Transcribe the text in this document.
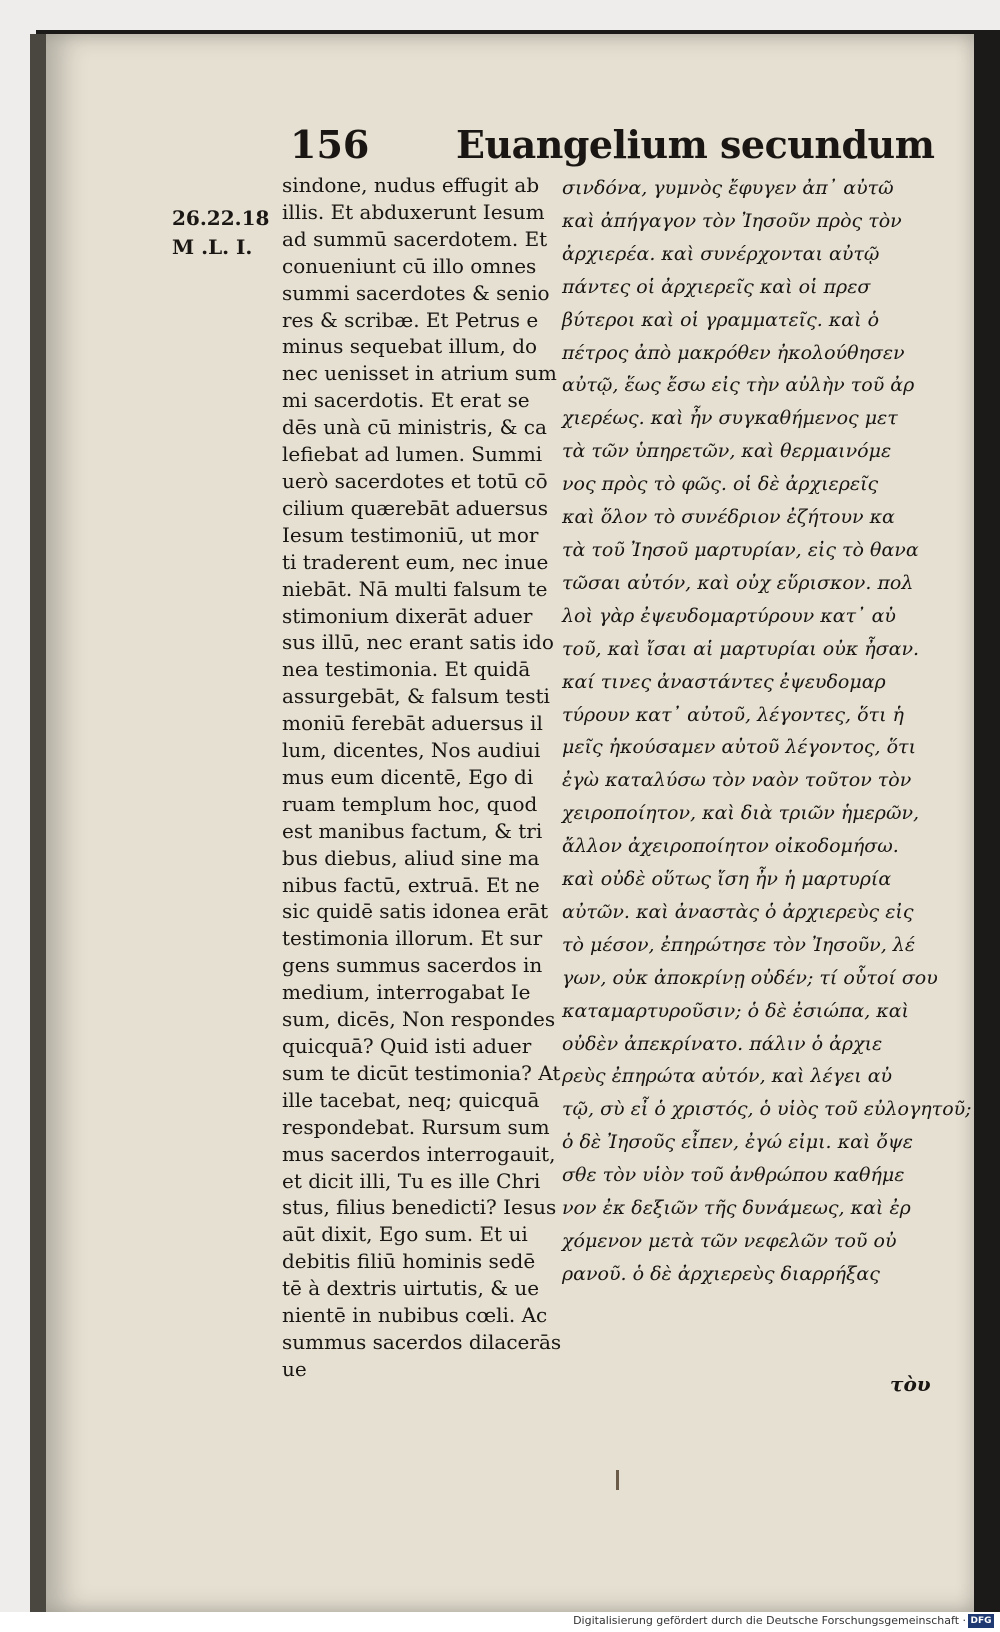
156 Euangelium secundum
26.22.18
M .L. I.
sindone, nudus effugit ab
illis. Et abduxerunt Iesum
ad summū sacerdotem. Et
conueniunt cū illo omnes
summi sacerdotes & senio
res & scribæ. Et Petrus e
minus sequebat illum, do
nec uenisset in atrium sum
mi sacerdotis. Et erat se
dēs unà cū ministris, & ca
lefiebat ad lumen. Summi
uerò sacerdotes et totū cō
cilium quærebāt aduersus
Iesum testimoniū, ut mor
ti traderent eum, nec inue
niebāt. Nā multi falsum te
stimonium dixerāt aduer
sus illū, nec erant satis ido
nea testimonia. Et quidā
assurgebāt, & falsum testi
moniū ferebāt aduersus il
lum, dicentes, Nos audiui
mus eum dicentē, Ego di
ruam templum hoc, quod
est manibus factum, & tri
bus diebus, aliud sine ma
nibus factū, extruā. Et ne
sic quidē satis idonea erāt
testimonia illorum. Et sur
gens summus sacerdos in
medium, interrogabat Ie
sum, dicēs, Non respondes
quicquā? Quid isti aduer
sum te dicūt testimonia? At
ille tacebat, neq; quicquā
respondebat. Rursum sum
mus sacerdos interrogauit,
et dicit illi, Tu es ille Chri
stus, filius benedicti? Iesus
aūt dixit, Ego sum. Et ui
debitis filiū hominis sedē
tē à dextris uirtutis, & ue
nientē in nubibus cœli. Ac
summus sacerdos dilacerās
ue
σινδόνα, γυμνὸς ἔφυγεν ἀπ᾽ αὐτῶ
καὶ ἀπήγαγον τὸν Ἰησοῦν πρὸς τὸν
ἀρχιερέα. καὶ συνέρχονται αὐτῷ
πάντες οἱ ἀρχιερεῖς καὶ οἱ πρεσ
βύτεροι καὶ οἱ γραμματεῖς. καὶ ὁ
πέτρος ἀπὸ μακρόθεν ἠκολούθησεν
αὐτῷ, ἕως ἔσω εἰς τὴν αὐλὴν τοῦ ἀρ
χιερέως. καὶ ἦν συγκαθήμενος μετ
τὰ τῶν ὑπηρετῶν, καὶ θερμαινόμε
νος πρὸς τὸ φῶς. οἱ δὲ ἀρχιερεῖς
καὶ ὅλον τὸ συνέδριον ἐζήτουν κα
τὰ τοῦ Ἰησοῦ μαρτυρίαν, εἰς τὸ θανα
τῶσαι αὐτόν, καὶ οὐχ εὕρισκον. πολ
λοὶ γὰρ ἐψευδομαρτύρουν κατ᾽ αὐ
τοῦ, καὶ ἴσαι αἱ μαρτυρίαι οὐκ ἦσαν.
καί τινες ἀναστάντες ἐψευδομαρ
τύρουν κατ᾽ αὐτοῦ, λέγοντες, ὅτι ἡ
μεῖς ἠκούσαμεν αὐτοῦ λέγοντος, ὅτι
ἐγὼ καταλύσω τὸν ναὸν τοῦτον τὸν
χειροποίητον, καὶ διὰ τριῶν ἡμερῶν,
ἄλλον ἀχειροποίητον οἰκοδομήσω.
καὶ οὐδὲ οὕτως ἴση ἦν ἡ μαρτυρία
αὐτῶν. καὶ ἀναστὰς ὁ ἀρχιερεὺς εἰς
τὸ μέσον, ἐπηρώτησε τὸν Ἰησοῦν, λέ
γων, οὐκ ἀποκρίνῃ οὐδέν; τί οὗτοί σου
καταμαρτυροῦσιν; ὁ δὲ ἐσιώπα, καὶ
οὐδὲν ἀπεκρίνατο. πάλιν ὁ ἀρχιε
ρεὺς ἐπηρώτα αὐτόν, καὶ λέγει αὐ
τῷ, σὺ εἶ ὁ χριστός, ὁ υἱὸς τοῦ εὐλογητοῦ;
ὁ δὲ Ἰησοῦς εἶπεν, ἐγώ εἰμι. καὶ ὄψε
σθε τὸν υἱὸν τοῦ ἀνθρώπου καθήμε
νον ἐκ δεξιῶν τῆς δυνάμεως, καὶ ἐρ
χόμενον μετὰ τῶν νεφελῶν τοῦ οὐ
ρανοῦ. ὁ δὲ ἀρχιερεὺς διαρρήξας
τὸυ
Digitalisierung gefördert durch die Deutsche Forschungsgemeinschaft · DFG
